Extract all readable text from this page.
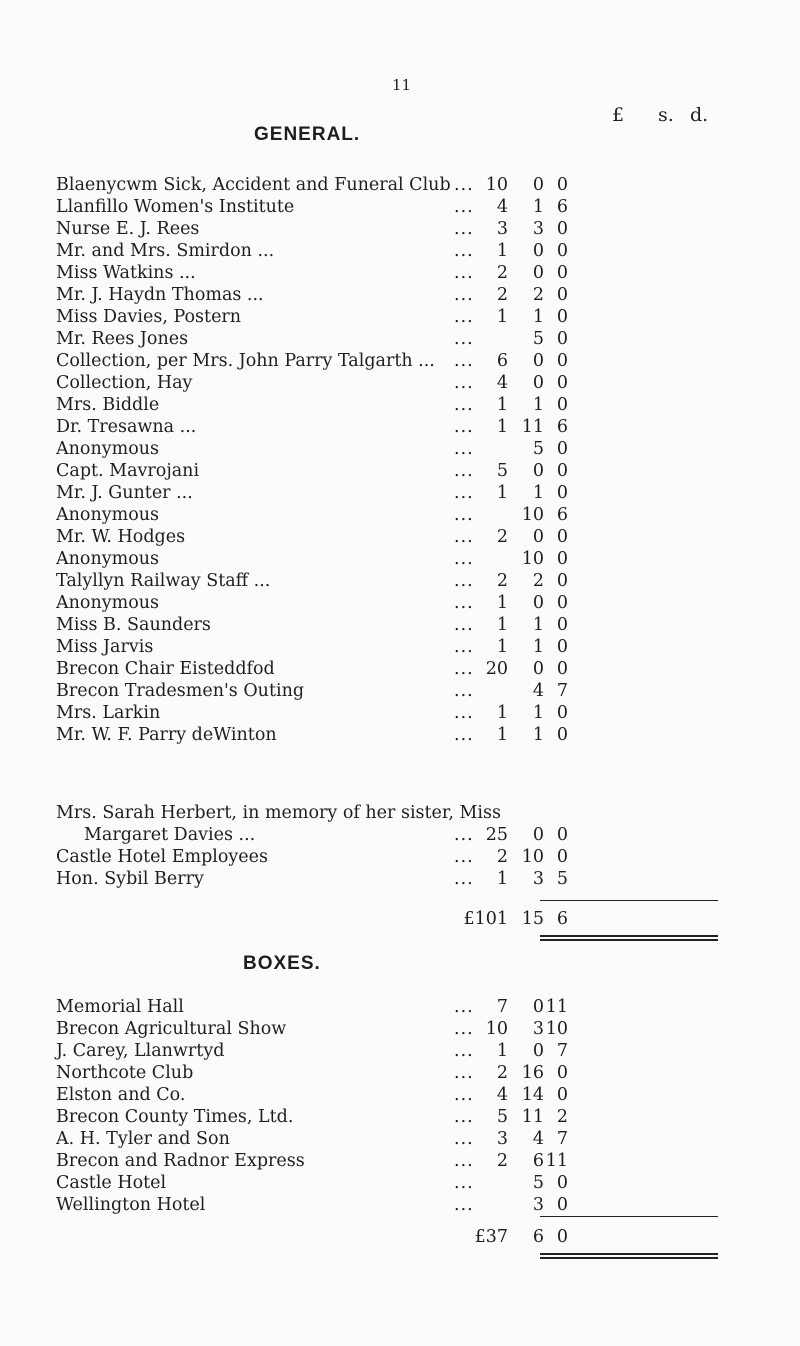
11
£ s. d.
GENERAL.
Blaenycwm Sick, Accident and Funeral Club ... 10 0 0
Llanfillo Women's Institute	... 4 1 6
Nurse E. J. Rees	... 3 3 0
Mr. and Mrs. Smirdon ...	... 1 0 0
Miss Watkins ...	... 2 0 0
Mr. J. Haydn Thomas ...	... 2 2 0
Miss Davies, Postern	... 1 1 0
Mr. Rees Jones	...	5 0
Collection, per Mrs. John Parry Talgarth ... ... 6 0 0
Collection, Hay	... 4 0 0
Mrs. Biddle	... 1 1 0
Dr. Tresawna ...	... 1 11 6
Anonymous	...	5 0
Capt. Mavrojani	... 5 0 0
Mr. J. Gunter ...	... 1 1 0
Anonymous	...	10 6
Mr. W. Hodges	... 2 0 0
Anonymous	...	10 0
Talyllyn Railway Staff ...	... 2 2 0
Anonymous	... 1 0 0
Miss B. Saunders	... 1 1 0
Miss Jarvis	... 1 1 0
Brecon Chair Eisteddfod	... 20 0 0
Brecon Tradesmen's Outing	...	4 7
Mrs. Larkin	... 1 1 0
Mr. W. F. Parry deWinton	... 1 1 0
Mrs. Sarah Herbert, in memory of her sister, Miss
Margaret Davies ...	... 25 0 0
Castle Hotel Employees	... 2 10 0
Hon. Sybil Berry	... 1 3 5
£101 15 6
BOXES.
Memorial Hall	... 7 0 11
Brecon Agricultural Show	... 10 3 10
J. Carey, Llanwrtyd	... 1 0 7
Northcote Club	... 2 16 0
Elston and Co.	... 4 14 0
Brecon County Times, Ltd.	... 5 11 2
A. H. Tyler and Son	... 3 4 7
Brecon and Radnor Express	... 2 6 11
Castle Hotel	...	5 0
Wellington Hotel	...	3 0
£37 6 0
